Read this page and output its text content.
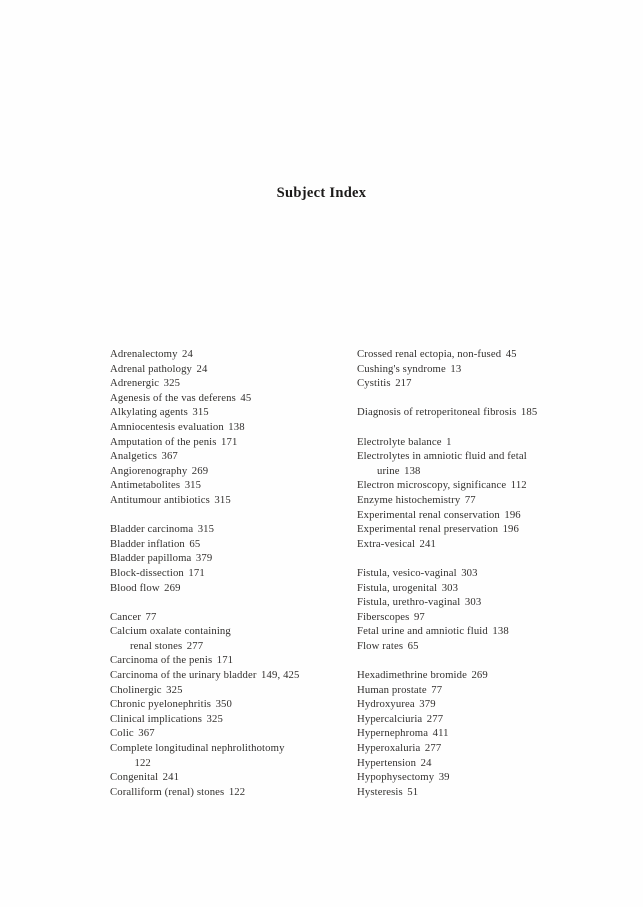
Subject Index
Adrenalectomy 24
Adrenal pathology 24
Adrenergic 325
Agenesis of the vas deferens 45
Alkylating agents 315
Amniocentesis evaluation 138
Amputation of the penis 171
Analgetics 367
Angiorenography 269
Antimetabolites 315
Antitumour antibiotics 315
Bladder carcinoma 315
Bladder inflation 65
Bladder papilloma 379
Block-dissection 171
Blood flow 269
Cancer 77
Calcium oxalate containing
renal stones 277
Carcinoma of the penis 171
Carcinoma of the urinary bladder 149, 425
Cholinergic 325
Chronic pyelonephritis 350
Clinical implications 325
Colic 367
Complete longitudinal nephrolithotomy
122
Congenital 241
Coralliform (renal) stones 122
Crossed renal ectopia, non-fused 45
Cushing's syndrome 13
Cystitis 217
Diagnosis of retroperitoneal fibrosis 185
Electrolyte balance 1
Electrolytes in amniotic fluid and fetal
urine 138
Electron microscopy, significance 112
Enzyme histochemistry 77
Experimental renal conservation 196
Experimental renal preservation 196
Extra-vesical 241
Fistula, vesico-vaginal 303
Fistula, urogenital 303
Fistula, urethro-vaginal 303
Fiberscopes 97
Fetal urine and amniotic fluid 138
Flow rates 65
Hexadimethrine bromide 269
Human prostate 77
Hydroxyurea 379
Hypercalciuria 277
Hypernephroma 411
Hyperoxaluria 277
Hypertension 24
Hypophysectomy 39
Hysteresis 51
